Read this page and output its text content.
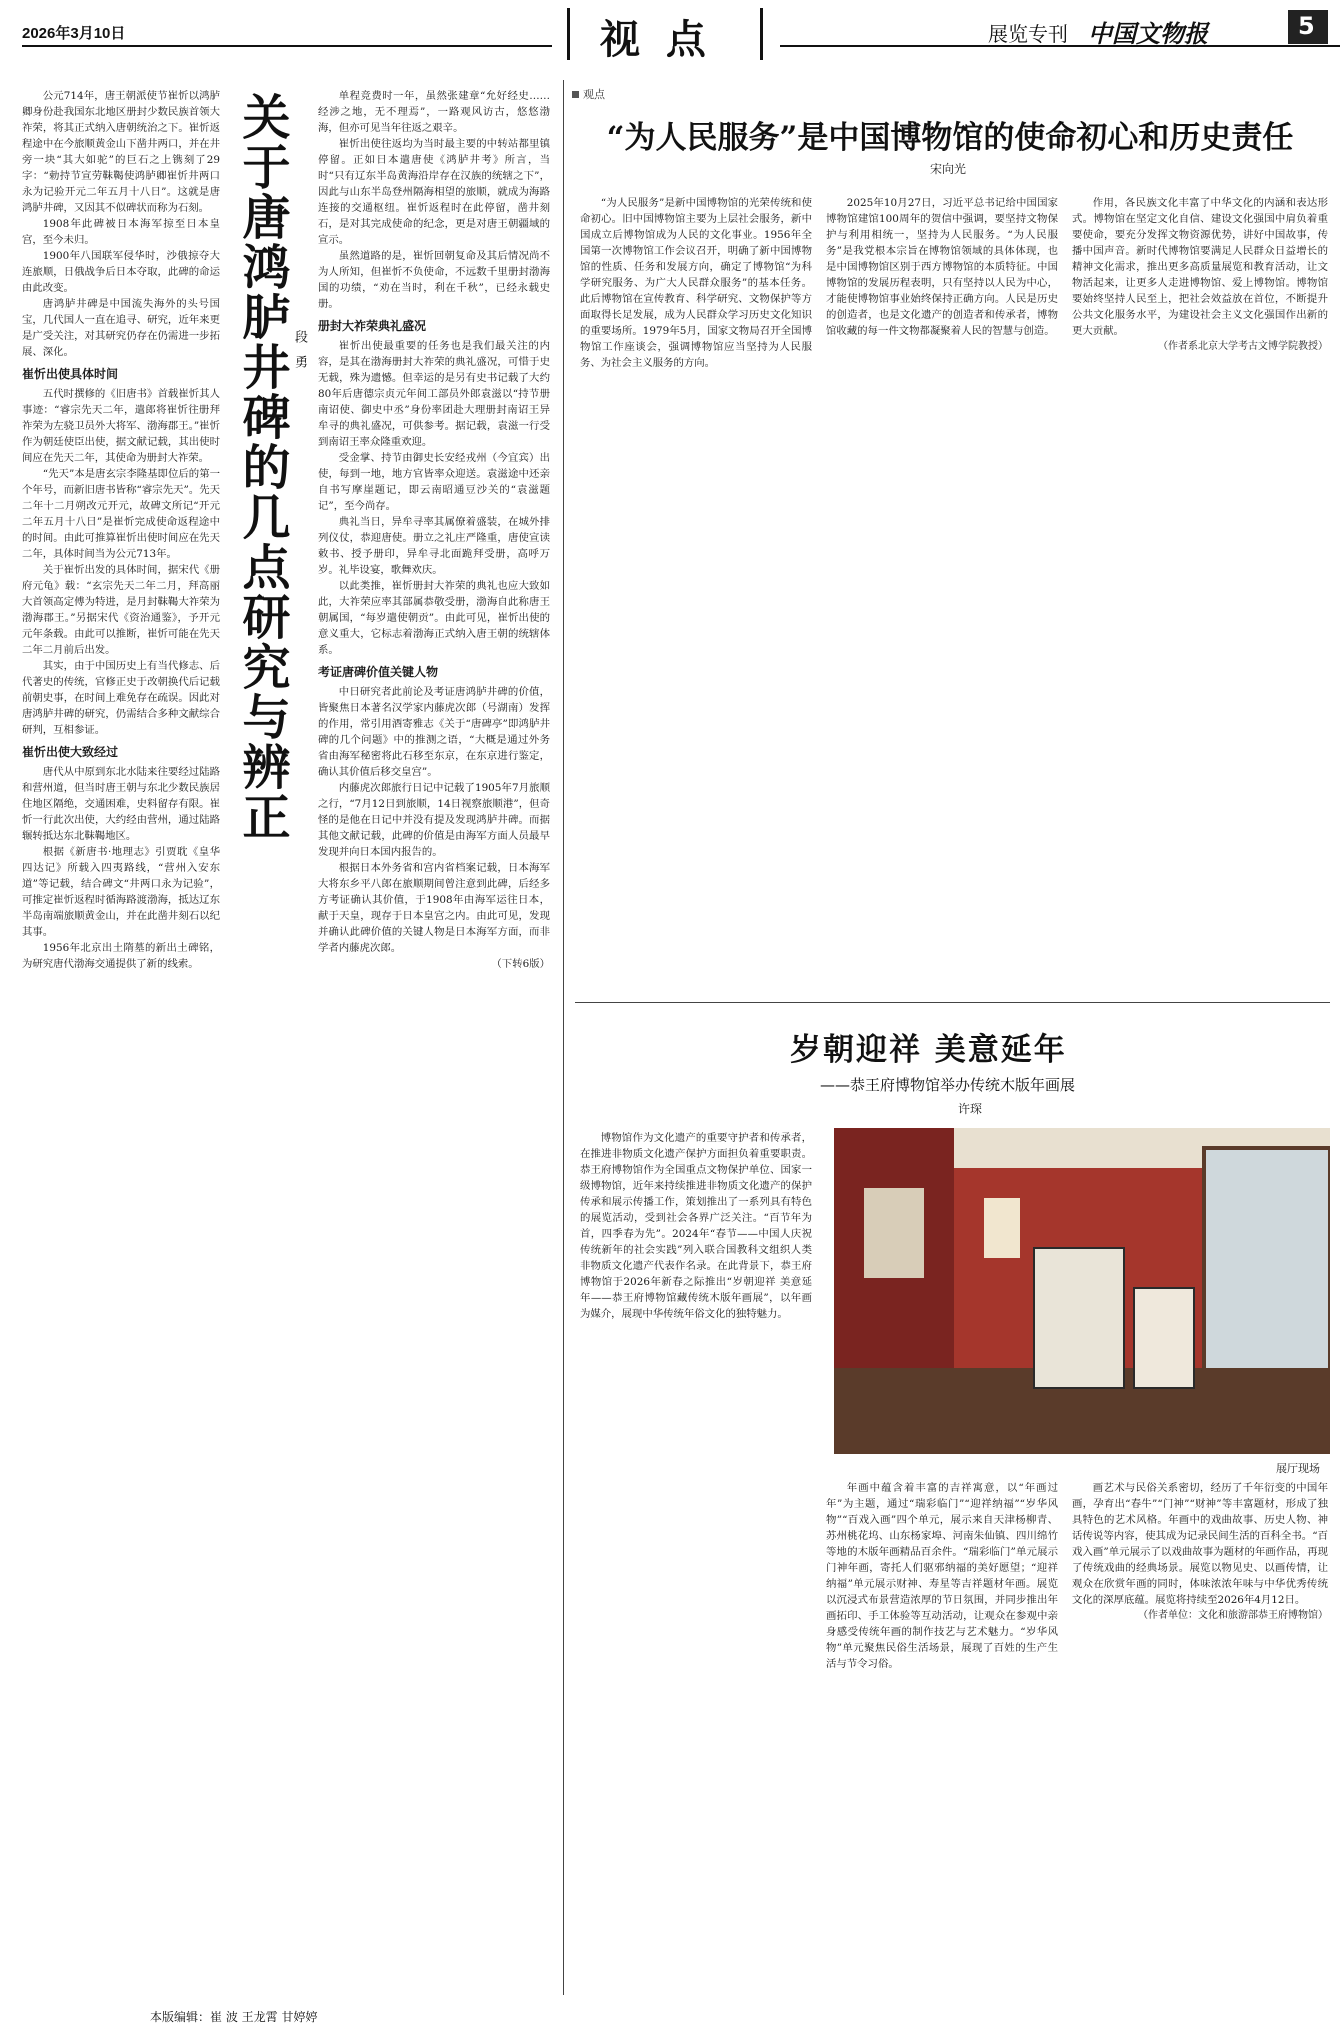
2026年3月10日	视 点	展览专刊 中国文物报	5

公元714年，唐王朝派使节崔忻以鸿胪卿身份赴我国东北地区册封少数民族首领大祚荣，将其正式纳入唐朝统治之下。崔忻返程途中在今旅顺黄金山下凿井两口，并在井旁一块“其大如驼”的巨石之上镌刻了29字：“勅持节宣劳靺鞨使鸿胪卿崔忻井两口永为记验开元二年五月十八日”。这就是唐鸿胪井碑，又因其不似碑状而称为石刻。

1908年此碑被日本海军掠至日本皇宫，至今未归。

1900年八国联军侵华时，沙俄掠夺大连旅顺，日俄战争后日本夺取，此碑的命运由此改变。

唐鸿胪井碑是中国流失海外的头号国宝，几代国人一直在追寻、研究，近年来更是广受关注，对其研究仍存在仍需进一步拓展、深化。

崔忻出使具体时间

五代时撰修的《旧唐书》首载崔忻其人事迹：“睿宗先天二年，遣郎将崔忻往册拜祚荣为左骁卫员外大将军、渤海郡王。”崔忻作为朝廷使臣出使，据文献记载，其出使时间应在先天二年，其使命为册封大祚荣。

“先天”本是唐玄宗李隆基即位后的第一个年号，而新旧唐书皆称“睿宗先天”。先天二年十二月朔改元开元，故碑文所记“开元二年五月十八日”是崔忻完成使命返程途中的时间。由此可推算崔忻出使时间应在先天二年，具体时间当为公元713年。

关于崔忻出发的具体时间，据宋代《册府元龟》载：“玄宗先天二年二月，拜高丽大首领高定傅为特进，是月封靺鞨大祚荣为渤海郡王。”另据宋代《资治通鉴》，予开元元年条载。由此可以推断，崔忻可能在先天二年二月前后出发。

其实，由于中国历史上有当代修志、后代著史的传统，官修正史于改朝换代后记载前朝史事，在时间上难免存在疏误。因此对唐鸿胪井碑的研究，仍需结合多种文献综合研判，互相参证。

崔忻出使大致经过

唐代从中原到东北水陆来往要经过陆路和营州道，但当时唐王朝与东北少数民族居住地区隔绝，交通困难，史料留存有限。崔忻一行此次出使，大约经由营州，通过陆路辗转抵达东北靺鞨地区。

根据《新唐书·地理志》引贾耽《皇华四达记》所载入四夷路线，“营州入安东道”等记载，结合碑文“井两口永为记验”，可推定崔忻返程时循海路渡渤海，抵达辽东半岛南端旅顺黄金山，并在此凿井刻石以纪其事。

1956年北京出土隋墓的新出土碑铭，为研究唐代渤海交通提供了新的线索。

关于唐鸿胪井碑的几点研究与辨正 段 勇

单程竞费时一年，虽然张建章“允好经史……经涉之地，无不理焉”，一路观风访古，悠悠渤海，但亦可见当年往返之艰辛。

崔忻出使往返均为当时最主要的中转站都里镇停留。正如日本遣唐使《鸿胪井考》所言，当时“只有辽东半岛黄海沿岸存在汉族的统辖之下”，因此与山东半岛登州隔海相望的旅顺，就成为海路连接的交通枢纽。崔忻返程时在此停留，凿井刻石，是对其完成使命的纪念，更是对唐王朝疆域的宣示。

虽然道路的是，崔忻回朝复命及其后情况尚不为人所知，但崔忻不负使命，不远数千里册封渤海国的功绩，“劝在当时，利在千秋”，已经永载史册。

册封大祚荣典礼盛况

崔忻出使最重要的任务也是我们最关注的内容，是其在渤海册封大祚荣的典礼盛况，可惜于史无载，殊为遗憾。但幸运的是另有史书记载了大约80年后唐德宗贞元年间工部员外郎袁滋以“持节册南诏使、御史中丞”身份率团赴大理册封南诏王异牟寻的典礼盛况，可供参考。据记载，袁滋一行受到南诏王率众隆重欢迎。

受金掌、持节由御史长安经戎州（今宜宾）出使，每到一地，地方官皆率众迎送。袁滋途中还亲自书写摩崖题记，即云南昭通豆沙关的“袁滋题记”，至今尚存。

典礼当日，异牟寻率其属僚着盛装，在城外排列仪仗，恭迎唐使。册立之礼庄严隆重，唐使宣读敕书、授予册印，异牟寻北面跪拜受册，高呼万岁。礼毕设宴，歌舞欢庆。

以此类推，崔忻册封大祚荣的典礼也应大致如此，大祚荣应率其部属恭敬受册，渤海自此称唐王朝属国，“每岁遣使朝贡”。由此可见，崔忻出使的意义重大，它标志着渤海正式纳入唐王朝的统辖体系。

考证唐碑价值关键人物

中日研究者此前论及考证唐鸿胪井碑的价值，皆聚焦日本著名汉学家内藤虎次郎（号湖南）发挥的作用，常引用酒寄雅志《关于“唐碑亭”即鸿胪井碑的几个问题》中的推测之语，“大概是通过外务省由海军秘密将此石移至东京，在东京进行鉴定，确认其价值后移交皇宫”。

内藤虎次郎旅行日记中记载了1905年7月旅顺之行，“7月12日到旅顺，14日视察旅顺港”，但奇怪的是他在日记中并没有提及发现鸿胪井碑。而据其他文献记载，此碑的价值是由海军方面人员最早发现并向日本国内报告的。

根据日本外务省和宫内省档案记载，日本海军大将东乡平八郎在旅顺期间曾注意到此碑，后经多方考证确认其价值，于1908年由海军运往日本，献于天皇，现存于日本皇宫之内。由此可见，发现并确认此碑价值的关键人物是日本海军方面，而非学者内藤虎次郎。

（下转6版）

本版编辑：崔 波 王龙霄 甘婷婷
观点
“为人民服务”是中国博物馆的使命初心和历史责任
宋向光

“为人民服务”是新中国博物馆的光荣传统和使命初心。旧中国博物馆主要为上层社会服务，新中国成立后博物馆成为人民的文化事业。1956年全国第一次博物馆工作会议召开，明确了新中国博物馆的性质、任务和发展方向，确定了博物馆“为科学研究服务、为广大人民群众服务”的基本任务。此后博物馆在宣传教育、科学研究、文物保护等方面取得长足发展，成为人民群众学习历史文化知识的重要场所。1979年5月，国家文物局召开全国博物馆工作座谈会，强调博物馆应当坚持为人民服务、为社会主义服务的方向。

2025年10月27日，习近平总书记给中国国家博物馆建馆100周年的贺信中强调，要坚持文物保护与利用相统一，坚持为人民服务。“为人民服务”是我党根本宗旨在博物馆领域的具体体现，也是中国博物馆区别于西方博物馆的本质特征。中国博物馆的发展历程表明，只有坚持以人民为中心，才能使博物馆事业始终保持正确方向。人民是历史的创造者，也是文化遗产的创造者和传承者，博物馆收藏的每一件文物都凝聚着人民的智慧与创造。

作用，各民族文化丰富了中华文化的内涵和表达形式。博物馆在坚定文化自信、建设文化强国中肩负着重要使命，要充分发挥文物资源优势，讲好中国故事，传播中国声音。新时代博物馆要满足人民群众日益增长的精神文化需求，推出更多高质量展览和教育活动，让文物活起来，让更多人走进博物馆、爱上博物馆。博物馆要始终坚持人民至上，把社会效益放在首位，不断提升公共文化服务水平，为建设社会主义文化强国作出新的更大贡献。

（作者系北京大学考古文博学院教授）

岁朝迎祥 美意延年
——恭王府博物馆举办传统木版年画展
许琛

博物馆作为文化遗产的重要守护者和传承者，在推进非物质文化遗产保护方面担负着重要职责。恭王府博物馆作为全国重点文物保护单位、国家一级博物馆，近年来持续推进非物质文化遗产的保护传承和展示传播工作，策划推出了一系列具有特色的展览活动，受到社会各界广泛关注。“百节年为首，四季春为先”。2024年“春节——中国人庆祝传统新年的社会实践”列入联合国教科文组织人类非物质文化遗产代表作名录。在此背景下，恭王府博物馆于2026年新春之际推出“岁朝迎祥 美意延年——恭王府博物馆藏传统木版年画展”，以年画为媒介，展现中华传统年俗文化的独特魅力。

展厅现场

年画中蕴含着丰富的吉祥寓意，以“年画过年”为主题，通过“瑞彩临门”“迎祥纳福”“岁华风物”“百戏入画”四个单元，展示来自天津杨柳青、苏州桃花坞、山东杨家埠、河南朱仙镇、四川绵竹等地的木版年画精品百余件。“瑞彩临门”单元展示门神年画，寄托人们驱邪纳福的美好愿望；“迎祥纳福”单元展示财神、寿星等吉祥题材年画。展览以沉浸式布景营造浓厚的节日氛围，并同步推出年画拓印、手工体验等互动活动，让观众在参观中亲身感受传统年画的制作技艺与艺术魅力。“岁华风物”单元聚焦民俗生活场景，展现了百姓的生产生活与节令习俗。

画艺术与民俗关系密切，经历了千年衍变的中国年画，孕育出“春牛”“门神”“财神”等丰富题材，形成了独具特色的艺术风格。年画中的戏曲故事、历史人物、神话传说等内容，使其成为记录民间生活的百科全书。“百戏入画”单元展示了以戏曲故事为题材的年画作品，再现了传统戏曲的经典场景。展览以物见史、以画传情，让观众在欣赏年画的同时，体味浓浓年味与中华优秀传统文化的深厚底蕴。展览将持续至2026年4月12日。

（作者单位：文化和旅游部恭王府博物馆）
